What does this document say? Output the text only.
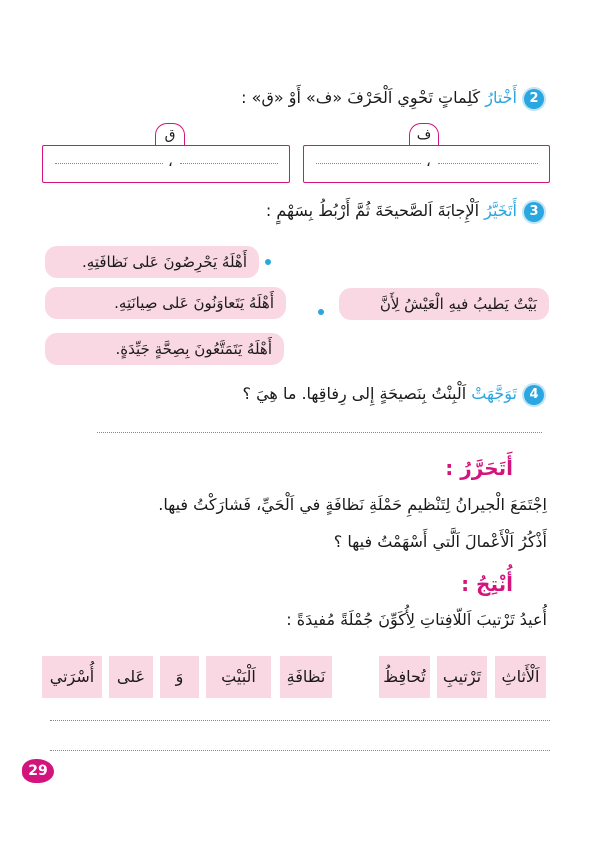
2
أَخْتارُ كَلِماتٍ تَحْوِي اَلْحَرْفَ «ف» أَوْ «ق» :
ف
ق
،
،
3
أَتَخَيَّرُ اَلْإِجابَةَ اَلصَّحيحَةَ ثُمَّ أَرْبُطُ بِسَهْمٍ :
أَهْلَهُ يَحْرِصُونَ عَلى نَظافَتِهِ.
أَهْلَهُ يَتَعاوَنُونَ عَلى صِيانَتِهِ.
أَهْلَهُ يَتَمَتَّعُونَ بِصِحَّةٍ جَيِّدَةٍ.
بَيْتٌ يَطيبُ فيهِ الْعَيْشُ لِأَنَّ
4
تَوَجَّهَتْ اَلْبِنْتُ بِنَصيحَةٍ إِلى رِفاقِها. ما هِيَ ؟
أَتَحَرَّرُ :
اِجْتَمَعَ الْجيرانُ لِتَنْظيمِ حَمْلَةِ نَظافَةٍ في اَلْحَيِّ، فَشارَكْتُ فيها.
أَذْكُرُ اَلْأَعْمالَ اَلَّتي أَسْهَمْتُ فيها ؟
أُنْتِجُ :
أُعيدُ تَرْتيبَ اَللّافِتاتِ لِأُكَوِّنَ جُمْلَةً مُفيدَةً :
اَلْأَثاثِ
تَرْتيبِ
تُحافِظُ
نَظافَةِ
اَلْبَيْتِ
وَ
عَلى
أُسْرَتي
29
